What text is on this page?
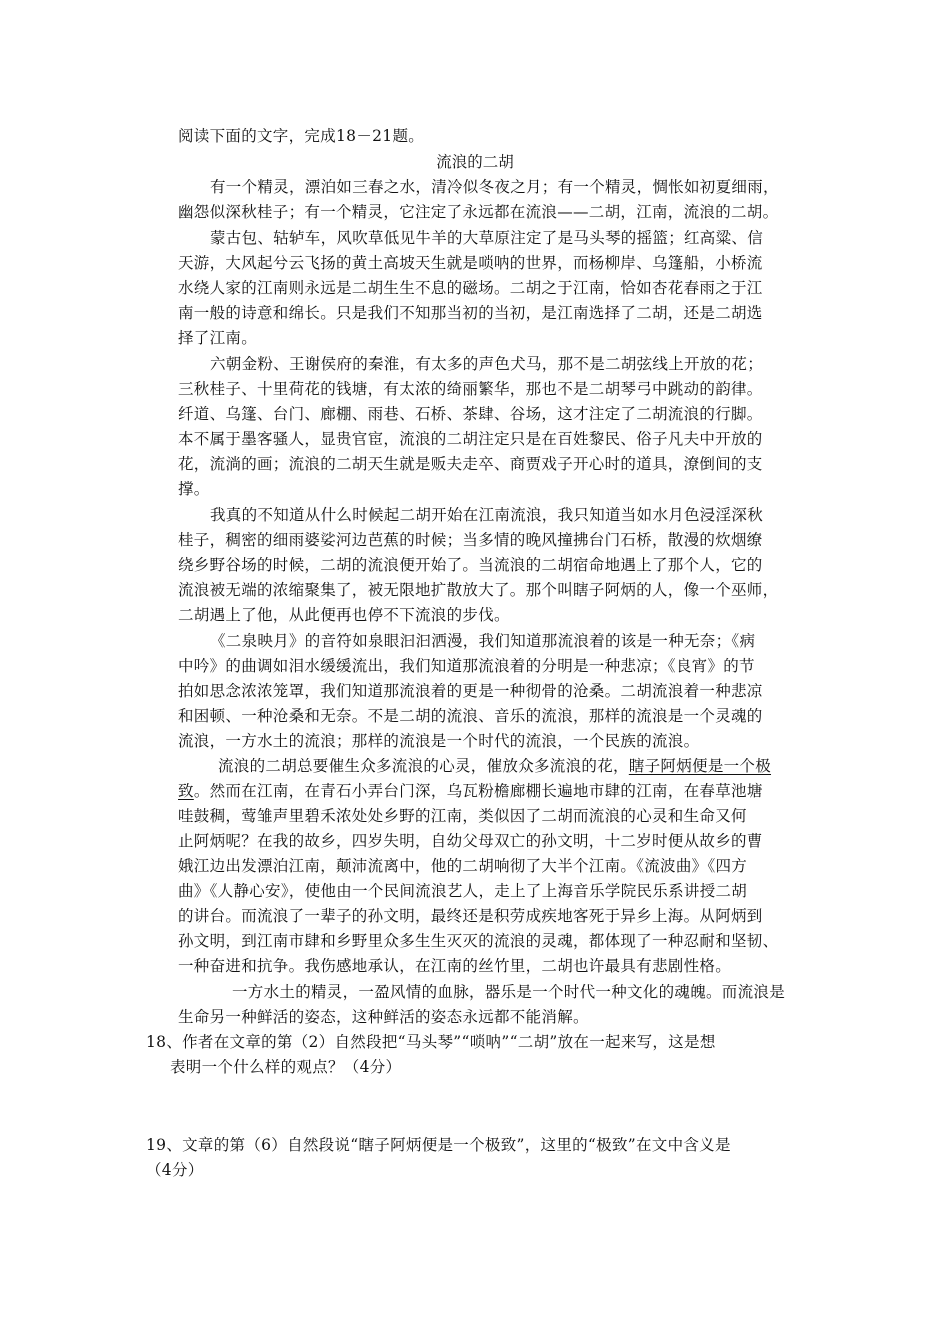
阅读下面的文字，完成18－21题。
流浪的二胡
有一个精灵，漂泊如三春之水，清冷似冬夜之月；有一个精灵，惆怅如初夏细雨，
幽怨似深秋桂子；有一个精灵，它注定了永远都在流浪——二胡，江南，流浪的二胡。
蒙古包、轱轳车，风吹草低见牛羊的大草原注定了是马头琴的摇篮；红高粱、信
天游，大风起兮云飞扬的黄土高坡天生就是唢呐的世界，而杨柳岸、乌篷船，小桥流
水绕人家的江南则永远是二胡生生不息的磁场。二胡之于江南，恰如杏花春雨之于江
南一般的诗意和绵长。只是我们不知那当初的当初，是江南选择了二胡，还是二胡选
择了江南。
六朝金粉、王谢侯府的秦淮，有太多的声色犬马，那不是二胡弦线上开放的花；
三秋桂子、十里荷花的钱塘，有太浓的绮丽繁华，那也不是二胡琴弓中跳动的韵律。
纤道、乌篷、台门、廊棚、雨巷、石桥、茶肆、谷场，这才注定了二胡流浪的行脚。
本不属于墨客骚人，显贵官宦，流浪的二胡注定只是在百姓黎民、俗子凡夫中开放的
花，流淌的画；流浪的二胡天生就是贩夫走卒、商贾戏子开心时的道具，潦倒间的支
撑。
我真的不知道从什么时候起二胡开始在江南流浪，我只知道当如水月色浸淫深秋
桂子，稠密的细雨婆娑河边芭蕉的时候；当多情的晚风撞拂台门石桥，散漫的炊烟缭
绕乡野谷场的时候，二胡的流浪便开始了。当流浪的二胡宿命地遇上了那个人，它的
流浪被无端的浓缩聚集了，被无限地扩散放大了。那个叫瞎子阿炳的人，像一个巫师，
二胡遇上了他，从此便再也停不下流浪的步伐。
《二泉映月》的音符如泉眼汩汩洒漫，我们知道那流浪着的该是一种无奈；《病
中吟》的曲调如泪水缓缓流出，我们知道那流浪着的分明是一种悲凉；《良宵》的节
拍如思念浓浓笼罩，我们知道那流浪着的更是一种彻骨的沧桑。二胡流浪着一种悲凉
和困顿、一种沧桑和无奈。不是二胡的流浪、音乐的流浪，那样的流浪是一个灵魂的
流浪，一方水土的流浪；那样的流浪是一个时代的流浪，一个民族的流浪。
流浪的二胡总要催生众多流浪的心灵，催放众多流浪的花，瞎子阿炳便是一个极
致。然而在江南，在青石小弄台门深，乌瓦粉檐廊棚长遍地市肆的江南，在春草池塘
哇鼓稠，莺雏声里碧禾浓处处乡野的江南，类似因了二胡而流浪的心灵和生命又何
止阿炳呢？在我的故乡，四岁失明，自幼父母双亡的孙文明，十二岁时便从故乡的曹
娥江边出发漂泊江南，颠沛流离中，他的二胡响彻了大半个江南。《流波曲》《四方
曲》《人静心安》，使他由一个民间流浪艺人，走上了上海音乐学院民乐系讲授二胡
的讲台。而流浪了一辈子的孙文明，最终还是积劳成疾地客死于异乡上海。从阿炳到
孙文明，到江南市肆和乡野里众多生生灭灭的流浪的灵魂，都体现了一种忍耐和坚韧、
一种奋进和抗争。我伤感地承认，在江南的丝竹里，二胡也许最具有悲剧性格。
一方水土的精灵，一盈风情的血脉，器乐是一个时代一种文化的魂魄。而流浪是
生命另一种鲜活的姿态，这种鲜活的姿态永远都不能消解。
18、作者在文章的第（2）自然段把“马头琴”“唢呐”“二胡”放在一起来写，这是想
表明一个什么样的观点？（4分）
19、文章的第（6）自然段说“瞎子阿炳便是一个极致”，这里的“极致”在文中含义是
（4分）
